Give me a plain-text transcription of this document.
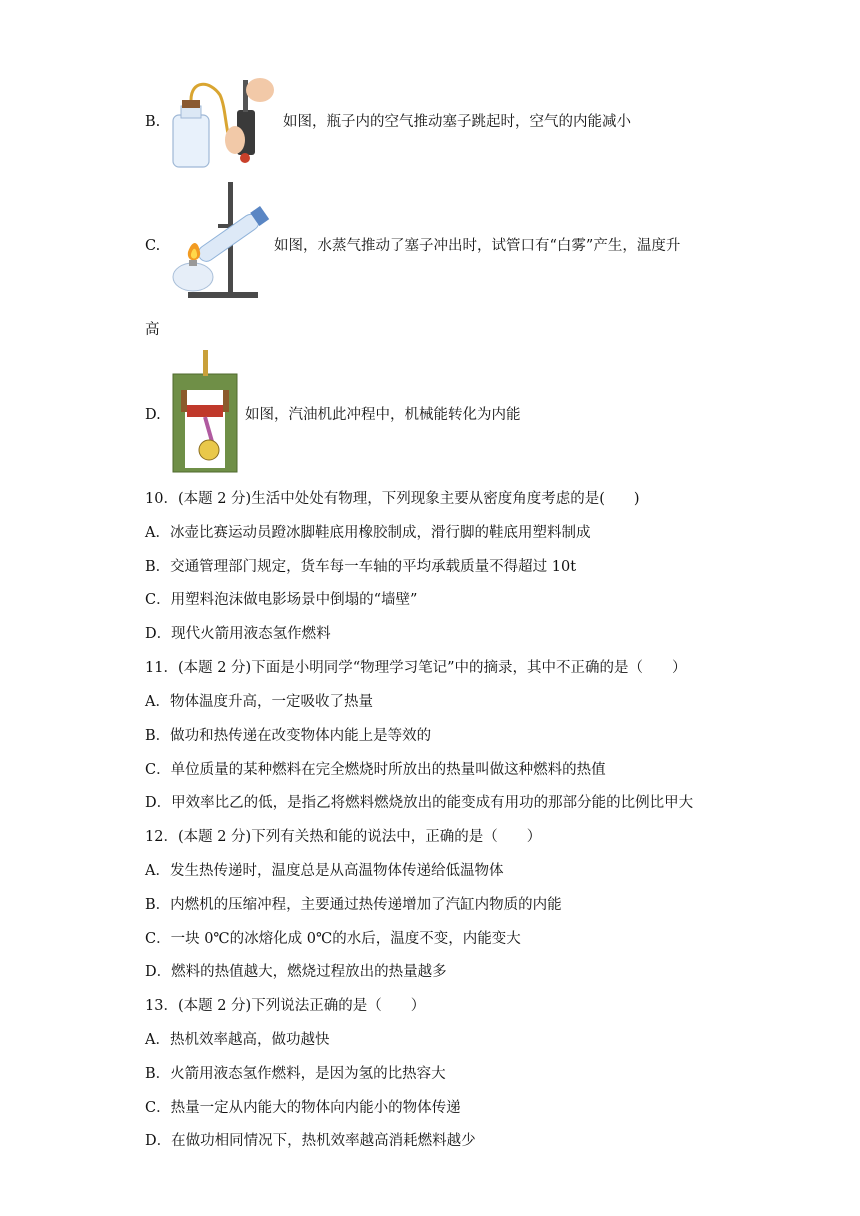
B.	如图，瓶子内的空气推动塞子跳起时，空气的内能减小
C.	如图，水蒸气推动了塞子冲出时，试管口有“白雾”产生，温度升
高
D.	如图，汽油机此冲程中，机械能转化为内能
10．(本题 2 分)生活中处处有物理，下列现象主要从密度角度考虑的是(　　)
A．冰壶比赛运动员蹬冰脚鞋底用橡胶制成，滑行脚的鞋底用塑料制成
B．交通管理部门规定，货车每一车轴的平均承载质量不得超过 10t
C．用塑料泡沫做电影场景中倒塌的“墙壁”
D．现代火箭用液态氢作燃料
11．(本题 2 分)下面是小明同学“物理学习笔记”中的摘录，其中不正确的是（　　）
A．物体温度升高，一定吸收了热量
B．做功和热传递在改变物体内能上是等效的
C．单位质量的某种燃料在完全燃烧时所放出的热量叫做这种燃料的热值
D．甲效率比乙的低，是指乙将燃料燃烧放出的能变成有用功的那部分能的比例比甲大
12．(本题 2 分)下列有关热和能的说法中，正确的是（　　）
A．发生热传递时，温度总是从高温物体传递给低温物体
B．内燃机的压缩冲程，主要通过热传递增加了汽缸内物质的内能
C．一块 0℃的冰熔化成 0℃的水后，温度不变，内能变大
D．燃料的热值越大，燃烧过程放出的热量越多
13．(本题 2 分)下列说法正确的是（　　）
A．热机效率越高，做功越快
B．火箭用液态氢作燃料，是因为氢的比热容大
C．热量一定从内能大的物体向内能小的物体传递
D．在做功相同情况下，热机效率越高消耗燃料越少
